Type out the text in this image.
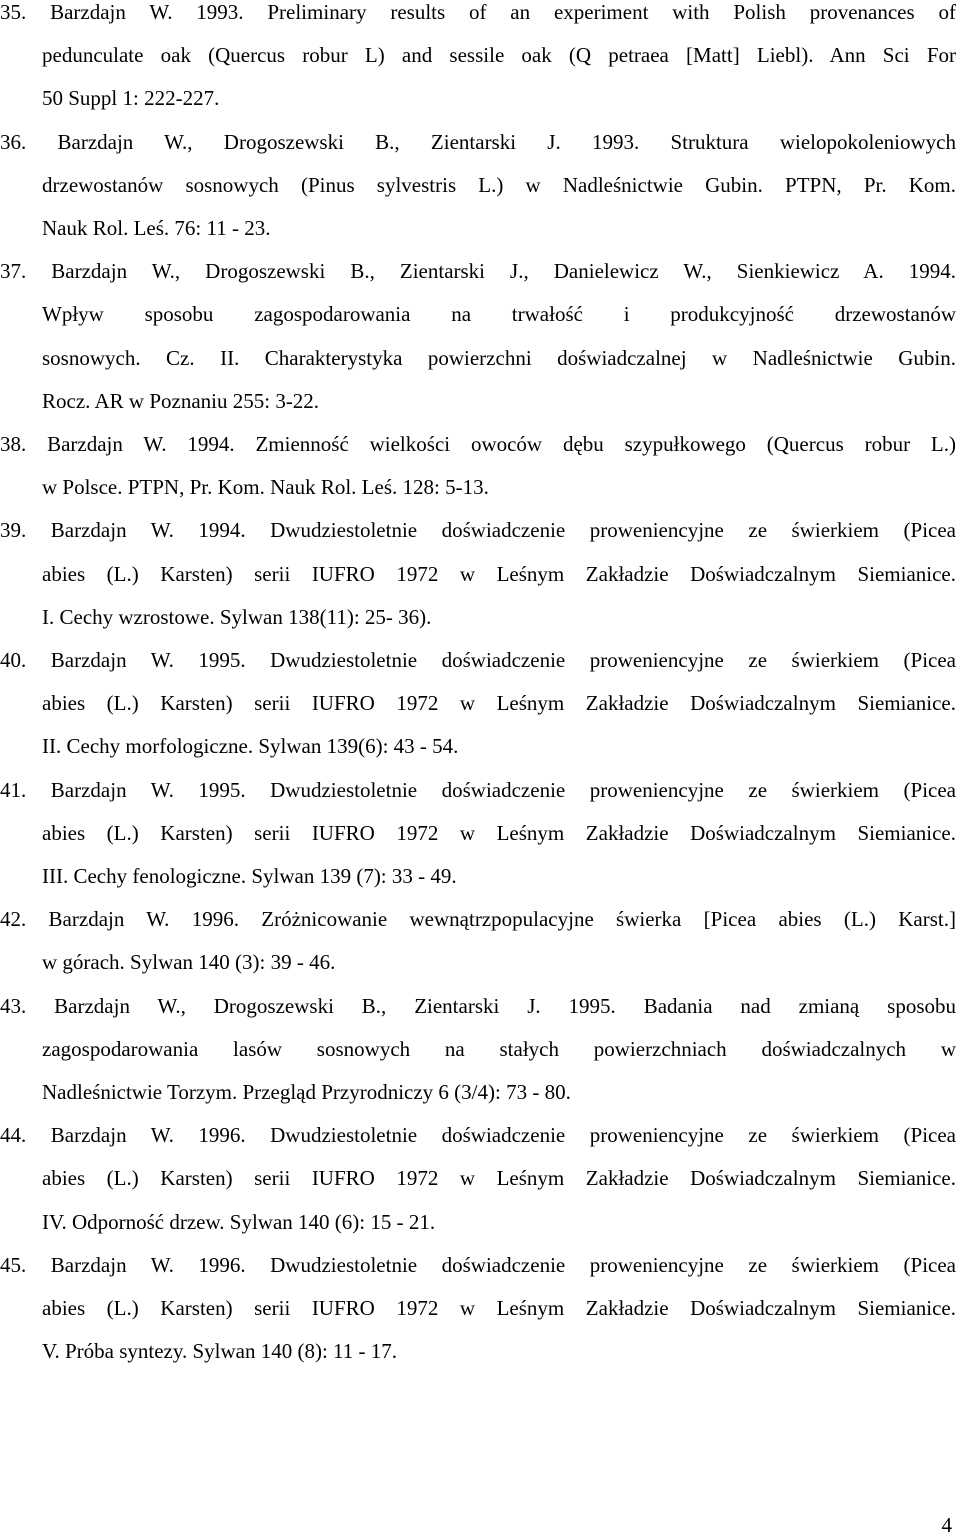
35. Barzdajn W. 1993. Preliminary results of an experiment with Polish provenances of
pedunculate oak (Quercus robur L) and sessile oak (Q petraea [Matt] Liebl). Ann Sci For
50 Suppl 1: 222-227.
36. Barzdajn W., Drogoszewski B., Zientarski J. 1993. Struktura wielopokoleniowych
drzewostanów sosnowych (Pinus sylvestris L.) w Nadleśnictwie Gubin. PTPN, Pr. Kom.
Nauk Rol. Leś. 76: 11 - 23.
37. Barzdajn W., Drogoszewski B., Zientarski J., Danielewicz W., Sienkiewicz A. 1994.
Wpływ sposobu zagospodarowania na trwałość i produkcyjność drzewostanów
sosnowych. Cz. II. Charakterystyka powierzchni doświadczalnej w Nadleśnictwie Gubin.
Rocz. AR w Poznaniu 255: 3-22.
38. Barzdajn W. 1994. Zmienność wielkości owoców dębu szypułkowego (Quercus robur L.)
w Polsce. PTPN, Pr. Kom. Nauk Rol. Leś. 128: 5-13.
39. Barzdajn W. 1994. Dwudziestoletnie doświadczenie proweniencyjne ze świerkiem (Picea
abies (L.) Karsten) serii IUFRO 1972 w Leśnym Zakładzie Doświadczalnym Siemianice.
I. Cechy wzrostowe. Sylwan 138(11): 25- 36).
40. Barzdajn W. 1995. Dwudziestoletnie doświadczenie proweniencyjne ze świerkiem (Picea
abies (L.) Karsten) serii IUFRO 1972 w Leśnym Zakładzie Doświadczalnym Siemianice.
II. Cechy morfologiczne. Sylwan 139(6): 43 - 54.
41. Barzdajn W. 1995. Dwudziestoletnie doświadczenie proweniencyjne ze świerkiem (Picea
abies (L.) Karsten) serii IUFRO 1972 w Leśnym Zakładzie Doświadczalnym Siemianice.
III. Cechy fenologiczne. Sylwan 139 (7): 33 - 49.
42. Barzdajn W. 1996. Zróżnicowanie wewnątrzpopulacyjne świerka [Picea abies (L.) Karst.]
w górach. Sylwan 140 (3): 39 - 46.
43. Barzdajn W., Drogoszewski B., Zientarski J. 1995. Badania nad zmianą sposobu
zagospodarowania lasów sosnowych na stałych powierzchniach doświadczalnych w
Nadleśnictwie Torzym. Przegląd Przyrodniczy 6 (3/4): 73 - 80.
44. Barzdajn W. 1996. Dwudziestoletnie doświadczenie proweniencyjne ze świerkiem (Picea
abies (L.) Karsten) serii IUFRO 1972 w Leśnym Zakładzie Doświadczalnym Siemianice.
IV. Odporność drzew. Sylwan 140 (6): 15 - 21.
45. Barzdajn W. 1996. Dwudziestoletnie doświadczenie proweniencyjne ze świerkiem (Picea
abies (L.) Karsten) serii IUFRO 1972 w Leśnym Zakładzie Doświadczalnym Siemianice.
V. Próba syntezy. Sylwan 140 (8): 11 - 17.
4
